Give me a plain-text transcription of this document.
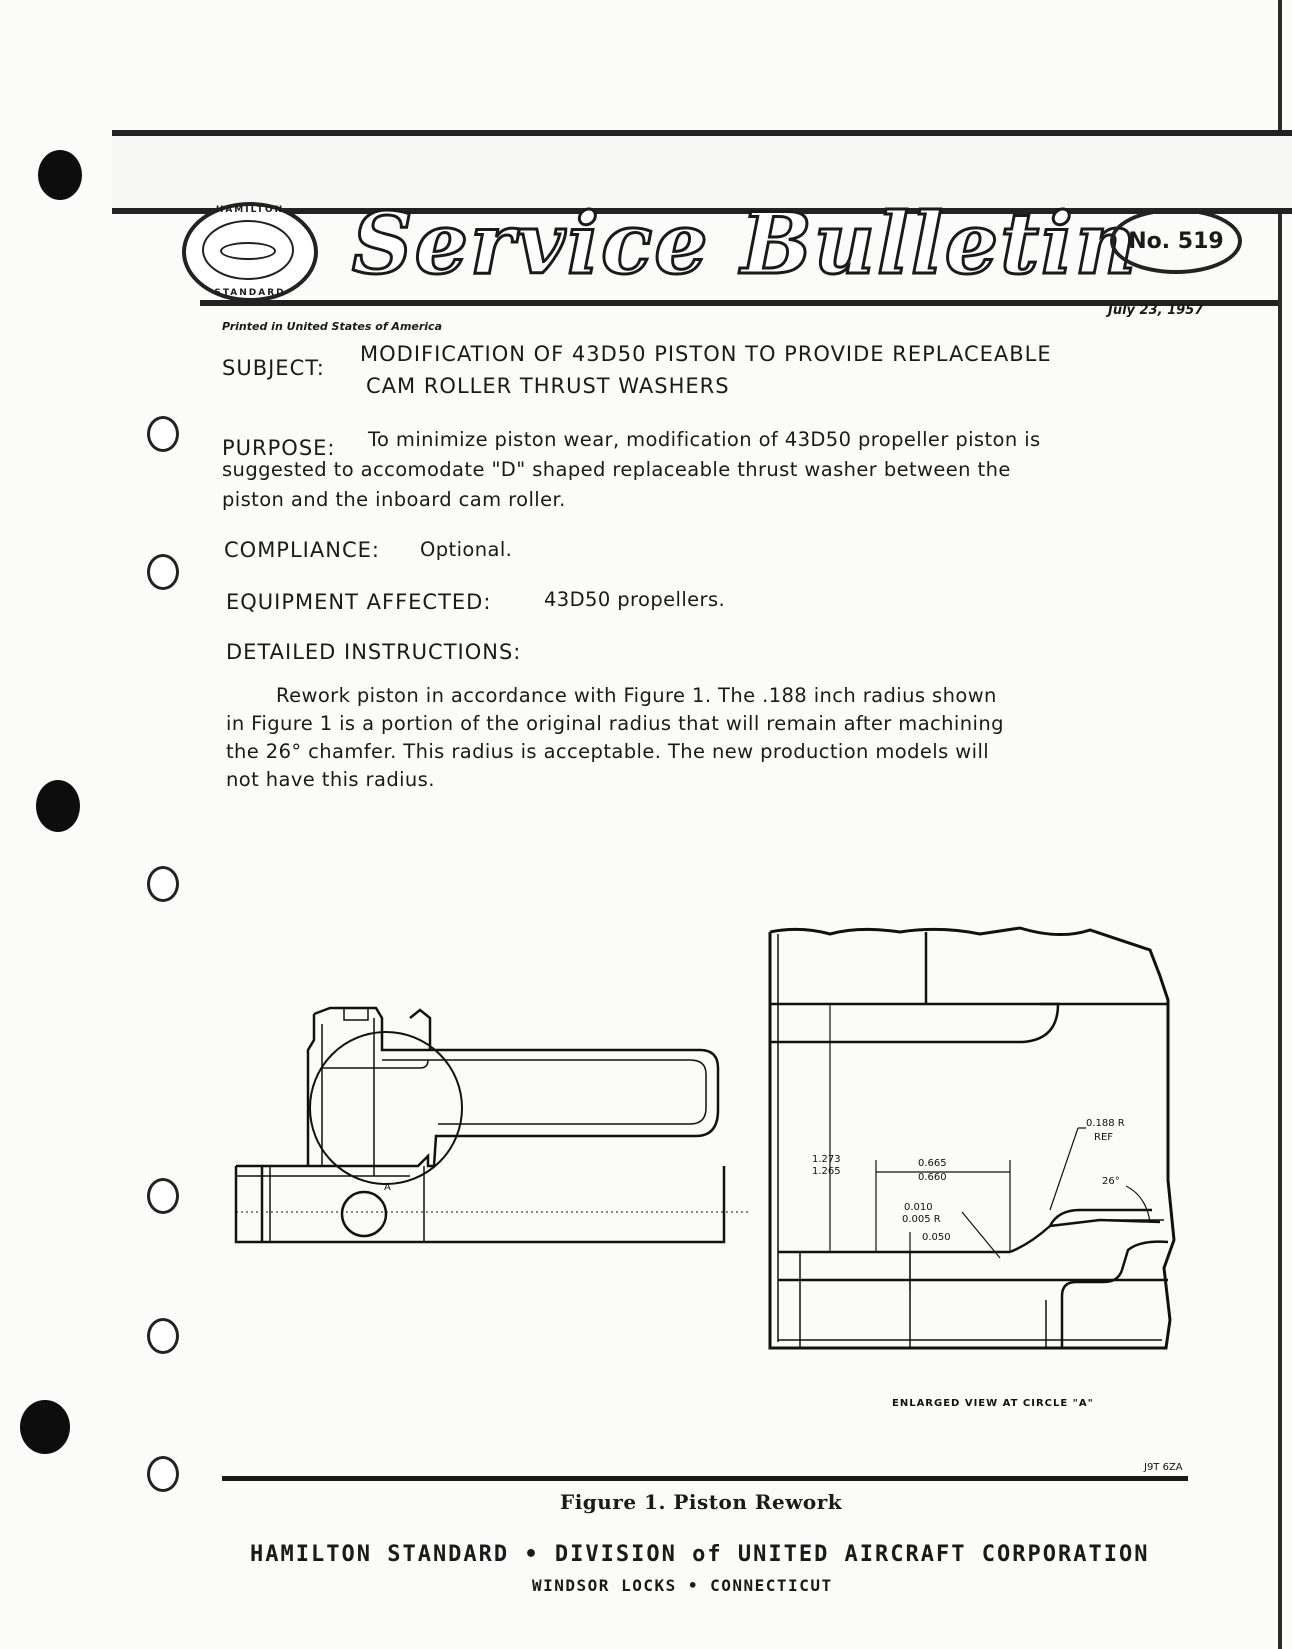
HAMILTON
STANDARD Service Bulletin
No. 519
Printed in United States of America
July 23, 1957
SUBJECT:
MODIFICATION OF 43D50 PISTON TO PROVIDE REPLACEABLE
CAM ROLLER THRUST WASHERS
PURPOSE: To minimize piston wear, modification of 43D50 propeller piston is
suggested to accomodate "D" shaped replaceable thrust washer between the
piston and the inboard cam roller.
COMPLIANCE: Optional.
EQUIPMENT AFFECTED:	43D50 propellers.
DETAILED INSTRUCTIONS:
Rework piston in accordance with Figure 1. The .188 inch radius shown
in Figure 1 is a portion of the original radius that will remain after machining
the 26° chamfer. This radius is acceptable. The new production models will
not have this radius.
A
1.273
1.265
0.665
0.660
0.010
0.005 R
0.050
0.188 R
REF
26°
ENLARGED VIEW AT CIRCLE "A"
J9T 6ZA
Figure 1. Piston Rework
HAMILTON STANDARD • DIVISION of UNITED AIRCRAFT CORPORATION
WINDSOR LOCKS • CONNECTICUT
